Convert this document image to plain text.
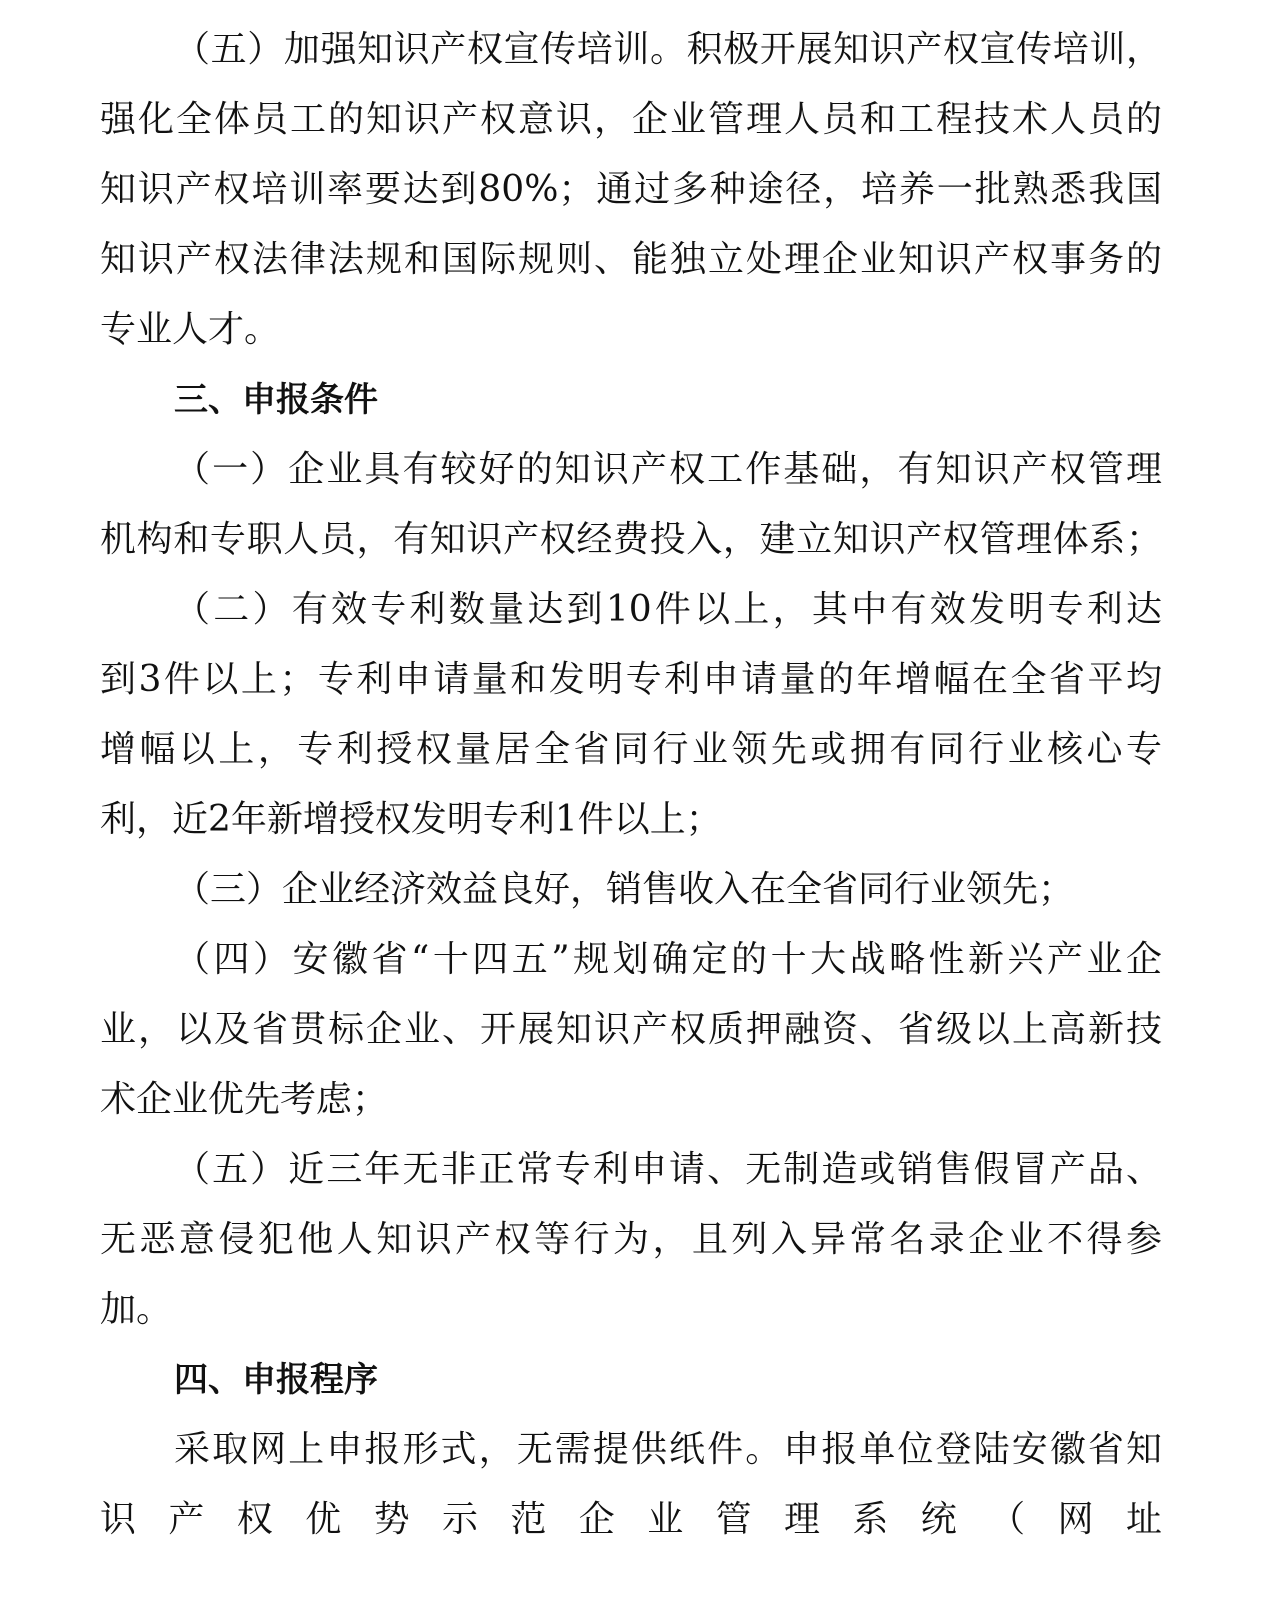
（五）加强知识产权宣传培训。积极开展知识产权宣传培训，
强化全体员工的知识产权意识，企业管理人员和工程技术人员的
知识产权培训率要达到80%；通过多种途径，培养一批熟悉我国
知识产权法律法规和国际规则、能独立处理企业知识产权事务的
专业人才。
三、申报条件
（一）企业具有较好的知识产权工作基础，有知识产权管理
机构和专职人员，有知识产权经费投入，建立知识产权管理体系；
（二）有效专利数量达到10件以上，其中有效发明专利达
到3件以上；专利申请量和发明专利申请量的年增幅在全省平均
增幅以上，专利授权量居全省同行业领先或拥有同行业核心专
利，近2年新增授权发明专利1件以上；
（三）企业经济效益良好，销售收入在全省同行业领先；
（四）安徽省“十四五”规划确定的十大战略性新兴产业企
业，以及省贯标企业、开展知识产权质押融资、省级以上高新技
术企业优先考虑；
（五）近三年无非正常专利申请、无制造或销售假冒产品、
无恶意侵犯他人知识产权等行为，且列入异常名录企业不得参
加。
四、申报程序
采取网上申报形式，无需提供纸件。申报单位登陆安徽省知
识产权优势示范企业管理系统（网址
